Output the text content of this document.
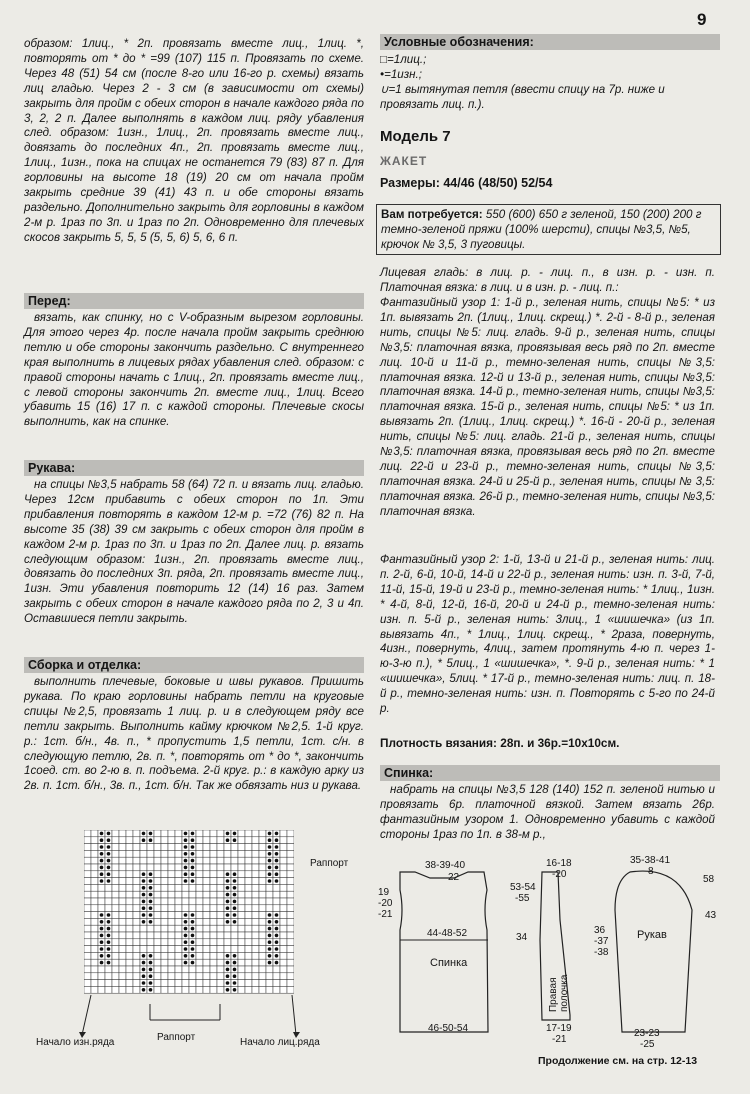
9

образом: 1лиц., * 2п. провязать вместе лиц., 1лиц. *, повторять от * до * =99 (107) 115 п. Провязать по схеме. Через 48 (51) 54 см (после 8-го или 16-го р. схемы) вязать лиц гладью. Через 2 - 3 см (в зависимости от схемы) закрыть для пройм с обеих сторон в начале каждого ряда по 3, 2, 2 п. Далее выполнять в каждом лиц. ряду убавления след. образом: 1изн., 1лиц., 2п. провязать вместе лиц., довязать до последних 4п., 2п. провязать вместе лиц., 1лиц., 1изн., пока на спицах не останется 79 (83) 87 п. Для горловины на высоте 18 (19) 20 см от начала пройм закрыть средние 39 (41) 43 п. и обе стороны вязать раздельно. Дополнительно закрыть для горловины в каждом 2-м р. 1раз по 3п. и 1раз по 2п. Одновременно для плечевых скосов закрыть 5, 5, 5 (5, 5, 6) 5, 6, 6 п.

Перед:

вязать, как спинку, но с V-образным вырезом горловины. Для этого через 4р. после начала пройм закрыть среднюю петлю и обе стороны закончить раздельно. С внутреннего края выполнить в лицевых рядах убавления след. образом: с правой стороны начать с 1лиц., 2п. провязать вместе лиц., с левой стороны закончить 2п. вместе лиц., 1лиц. Всего убавить 15 (16) 17 п. с каждой стороны. Плечевые скосы выполнить, как на спинке.

Рукава:

на спицы №3,5 набрать 58 (64) 72 п. и вязать лиц. гладью. Через 12см прибавить с обеих сторон по 1п. Эти прибавления повторять в каждом 12-м р. =72 (76) 82 п. На высоте 35 (38) 39 см закрыть с обеих сторон для пройм в каждом 2-м р. 1раз по 3п. и 1раз по 2п. Далее лиц. р. вязать следующим образом: 1изн., 2п. провязать вместе лиц., довязать до последних 3п. ряда, 2п. провязать вместе лиц., 1изн. Эти убавления повторить 12 (14) 16 раз. Затем закрыть с обеих сторон в начале каждого ряда по 2, 3 и 4п. Оставшиеся петли закрыть.

Сборка и отделка:

выполнить плечевые, боковые и швы рукавов. Пришить рукава. По краю горловины набрать петли на круговые спицы №2,5, провязать 1 лиц. р. и в следующем ряду все петли закрыть. Выполнить кайму крючком №2,5. 1-й круг. р.: 1ст. б/н., 4в. п., * пропустить 1,5 петли, 1ст. с/н. в следующую петлю, 2в. п. *, повторять от * до *, закончить 1соед. ст. во 2-ю в. п. подъема. 2-й круг. р.: в каждую арку из 2в. п. 1ст. б/н., 3в. п., 1ст. б/н. Так же обвязать низ и рукава.

Раппорт
Раппорт
Начало изн.ряда	Начало лиц.ряда
Условные обозначения:
□=1лиц.;
•=1изн.;
∪=1 вытянутая петля (ввести спицу на 7р. ниже и провязать лиц. п.).
Модель 7
ЖАКЕТ
Размеры: 44/46 (48/50) 52/54
Вам потребуется: 550 (600) 650 г зеленой, 150 (200) 200 г темно-зеленой пряжи (100% шерсти), спицы №3,5, №5, крючок № 3,5, 3 пуговицы.

Лицевая гладь: в лиц. р. - лиц. п., в изн. р. - изн. п. Платочная вязка: в лиц. и в изн. р. - лиц. п.:

Фантазийный узор 1: 1-й р., зеленая нить, спицы №5: * из 1п. вывязать 2п. (1лиц., 1лиц. скрещ.) *. 2-й - 8-й р., зеленая нить, спицы №5: лиц. гладь. 9-й р., зеленая нить, спицы №3,5: платочная вязка, провязывая весь ряд по 2п. вместе лиц. 10-й и 11-й р., темно-зеленая нить, спицы №3,5: платочная вязка. 12-й и 13-й р., зеленая нить, спицы №3,5: платочная вязка. 14-й р., темно-зеленая нить, спицы №3,5: платочная вязка. 15-й р., зеленая нить, спицы №5: * из 1п. вывязать 2п. (1лиц., 1лиц. скрещ.) *. 16-й - 20-й р., зеленая нить, спицы №5: лиц. гладь. 21-й р., зеленая нить, спицы №3,5: платочная вязка, провязывая весь ряд по 2п. вместе лиц. 22-й и 23-й р., темно-зеленая нить, спицы №3,5: платочная вязка. 24-й и 25-й р., зеленая нить, спицы № 3,5: платочная вязка. 26-й р., темно-зеленая нить, спицы №3,5: платочная вязка.

Фантазийный узор 2: 1-й, 13-й и 21-й р., зеленая нить: лиц. п. 2-й, 6-й, 10-й, 14-й и 22-й р., зеленая нить: изн. п. 3-й, 7-й, 11-й, 15-й, 19-й и 23-й р., темно-зеленая нить: * 1лиц., 1изн. * 4-й, 8-й, 12-й, 16-й, 20-й и 24-й р., темно-зеленая нить: изн. п. 5-й р., зеленая нить: 3лиц., 1 «шишечка» (из 1п. вывязать 4п., * 1лиц., 1лиц. скрещ., * 2раза, повернуть, 4изн., повернуть, 4лиц., затем протянуть 4-ю п. через 1-ю-3-ю п.), * 5лиц., 1 «шишечка», *. 9-й р., зеленая нить: * 1 «шишечка», 5лиц. * 17-й р., темно-зеленая нить: лиц. п. 18-й р., темно-зеленая нить: изн. п. Повторять с 5-го по 24-й р.

Плотность вязания: 28п. и 36р.=10х10см.
Спинка:

набрать на спицы №3,5 128 (140) 152 п. зеленой нитью и провязать 6р. платочной вязкой. Затем вязать 26р. фантазийным узором 1. Одновременно убавить с каждой стороны 1раз по 1п. в 38-м р.,

38-39-40
22
53-54
-55
19
-20
-21
44-48-52	34
Спинка
46-50-54
16-18
-20
36
-37
-38
Правая полочка
17-19
-21
35-38-41
8
58
43
Рукав
23-23
-25
Продолжение см. на стр. 12-13
